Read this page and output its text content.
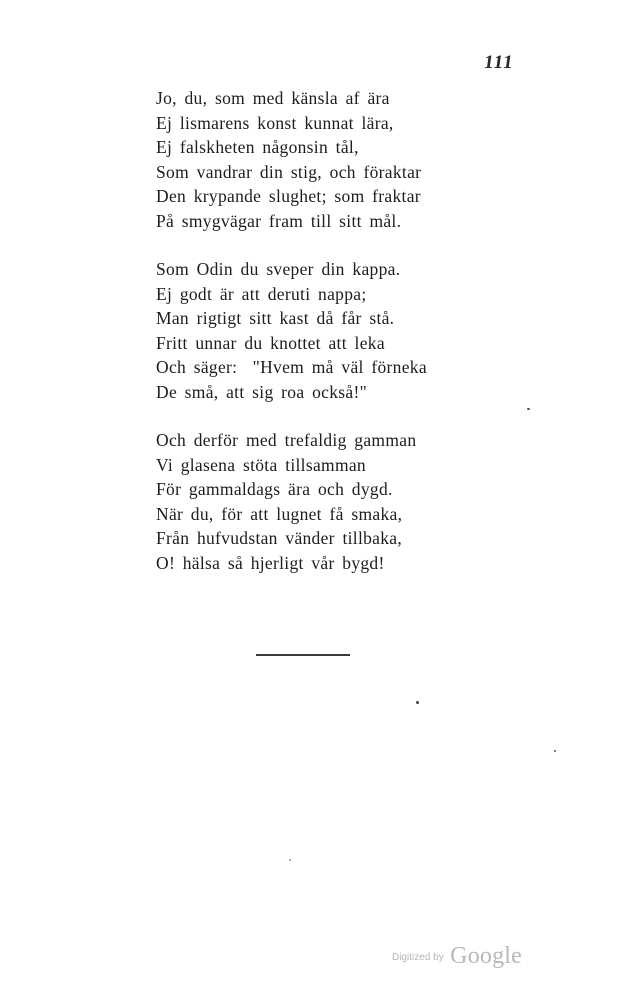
111
Jo, du, som med känsla af ära
Ej lismarens konst kunnat lära,
Ej falskheten någonsin tål,
Som vandrar din stig, och föraktar
Den krypande slughet; som fraktar
På smygvägar fram till sitt mål.
Som Odin du sveper din kappa.
Ej godt är att deruti nappa;
Man rigtigt sitt kast då får stå.
Fritt unnar du knottet att leka
Och säger:  "Hvem må väl förneka
De små, att sig roa också!"
Och derför med trefaldig gamman
Vi glasena stöta tillsamman
För gammaldags ära och dygd.
När du, för att lugnet få smaka,
Från hufvudstan vänder tillbaka,
O! hälsa så hjerligt vår bygd!
Digitized by Google
